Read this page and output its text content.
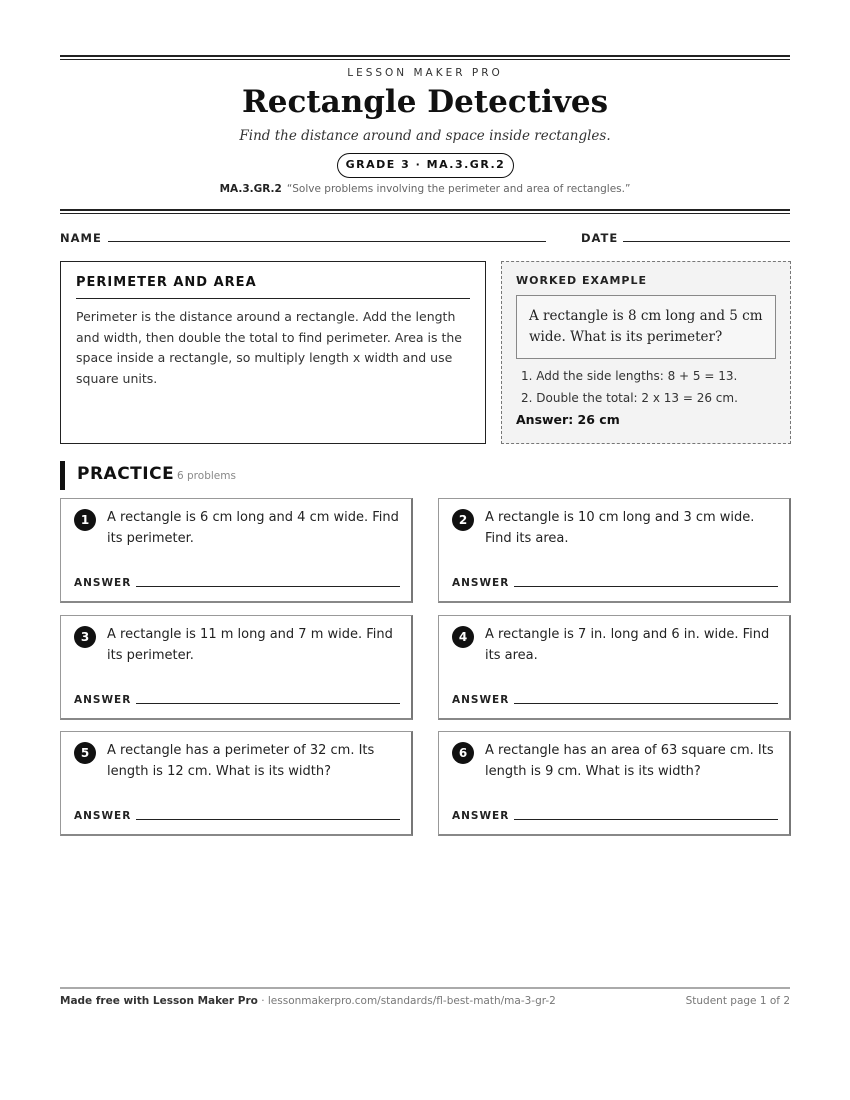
LESSON MAKER PRO
Rectangle Detectives
Find the distance around and space inside rectangles.
GRADE 3 · MA.3.GR.2
MA.3.GR.2 “Solve problems involving the perimeter and area of rectangles.”
NAME	DATE
PERIMETER AND AREA

Perimeter is the distance around a rectangle. Add the length and width, then double the total to find perimeter. Area is the space inside a rectangle, so multiply length x width and use square units.

WORKED EXAMPLE
A rectangle is 8 cm long and 5 cm wide. What is its perimeter?
1. Add the side lengths: 8 + 5 = 13.
2. Double the total: 2 x 13 = 26 cm.
Answer: 26 cm
PRACTICE 6 problems
1	A rectangle is 6 cm long and 4 cm wide. Find its perimeter.
ANSWER
2	A rectangle is 10 cm long and 3 cm wide. Find its area.
ANSWER
3	A rectangle is 11 m long and 7 m wide. Find its perimeter.
ANSWER
4	A rectangle is 7 in. long and 6 in. wide. Find its area.
ANSWER
5	A rectangle has a perimeter of 32 cm. Its length is 12 cm. What is its width?
ANSWER
6	A rectangle has an area of 63 square cm. Its length is 9 cm. What is its width?
ANSWER
Made free with Lesson Maker Pro · lessonmakerpro.com/standards/fl-best-math/ma-3-gr-2	Student page 1 of 2
